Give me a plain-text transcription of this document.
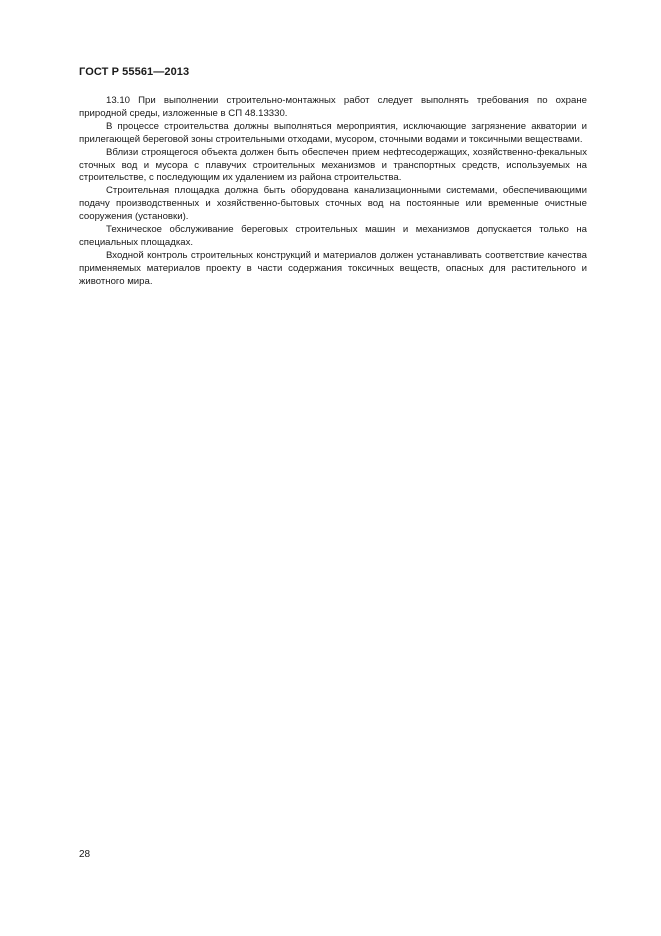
ГОСТ Р 55561—2013

13.10 При выполнении строительно-монтажных работ следует выполнять требования по охране природной среды, изложенные в СП 48.13330.

В процессе строительства должны выполняться мероприятия, исключающие загрязнение акватории и прилегающей береговой зоны строительными отходами, мусором, сточными водами и токсичными веществами.

Вблизи строящегося объекта должен быть обеспечен прием нефтесодержащих, хозяйственно-фекальных сточных вод и мусора с плавучих строительных механизмов и транспортных средств, используемых на строительстве, с последующим их удалением из района строительства.

Строительная площадка должна быть оборудована канализационными системами, обеспечивающими подачу производственных и хозяйственно-бытовых сточных вод на постоянные или временные очистные сооружения (установки).

Техническое обслуживание береговых строительных машин и механизмов допускается только на специальных площадках.

Входной контроль строительных конструкций и материалов должен устанавливать соответствие качества применяемых материалов проекту в части содержания токсичных веществ, опасных для растительного и животного мира.

28
